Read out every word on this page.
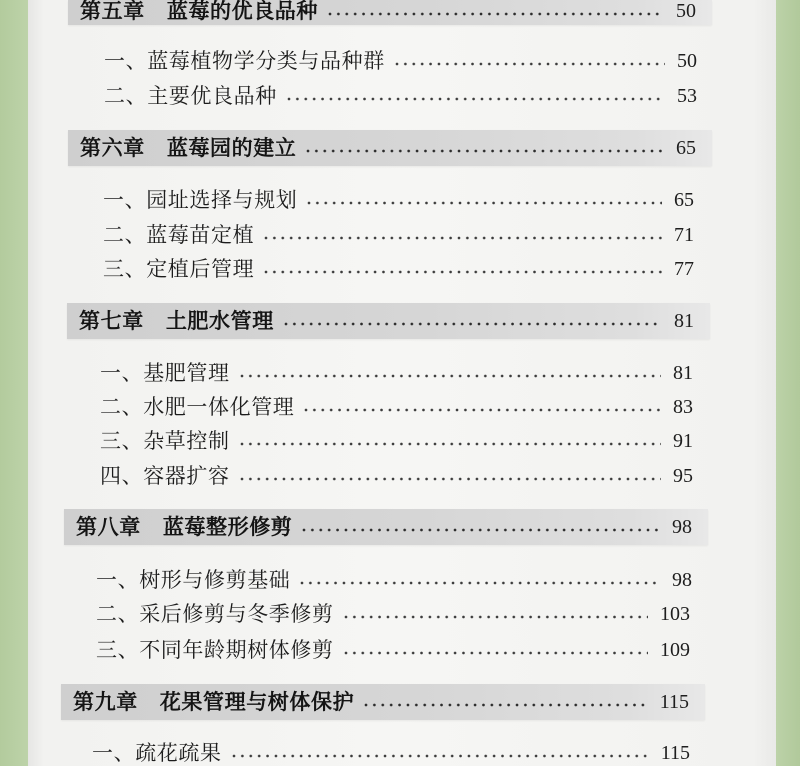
第五章 蓝莓的优良品种	50
一、蓝莓植物学分类与品种群	50
二、主要优良品种	53
第六章 蓝莓园的建立	65
一、园址选择与规划	65
二、蓝莓苗定植	71
三、定植后管理	77
第七章 土肥水管理	81
一、基肥管理	81
二、水肥一体化管理	83
三、杂草控制	91
四、容器扩容	95
第八章 蓝莓整形修剪	98
一、树形与修剪基础	98
二、采后修剪与冬季修剪	103
三、不同年龄期树体修剪	109
第九章 花果管理与树体保护	115
一、疏花疏果	115
